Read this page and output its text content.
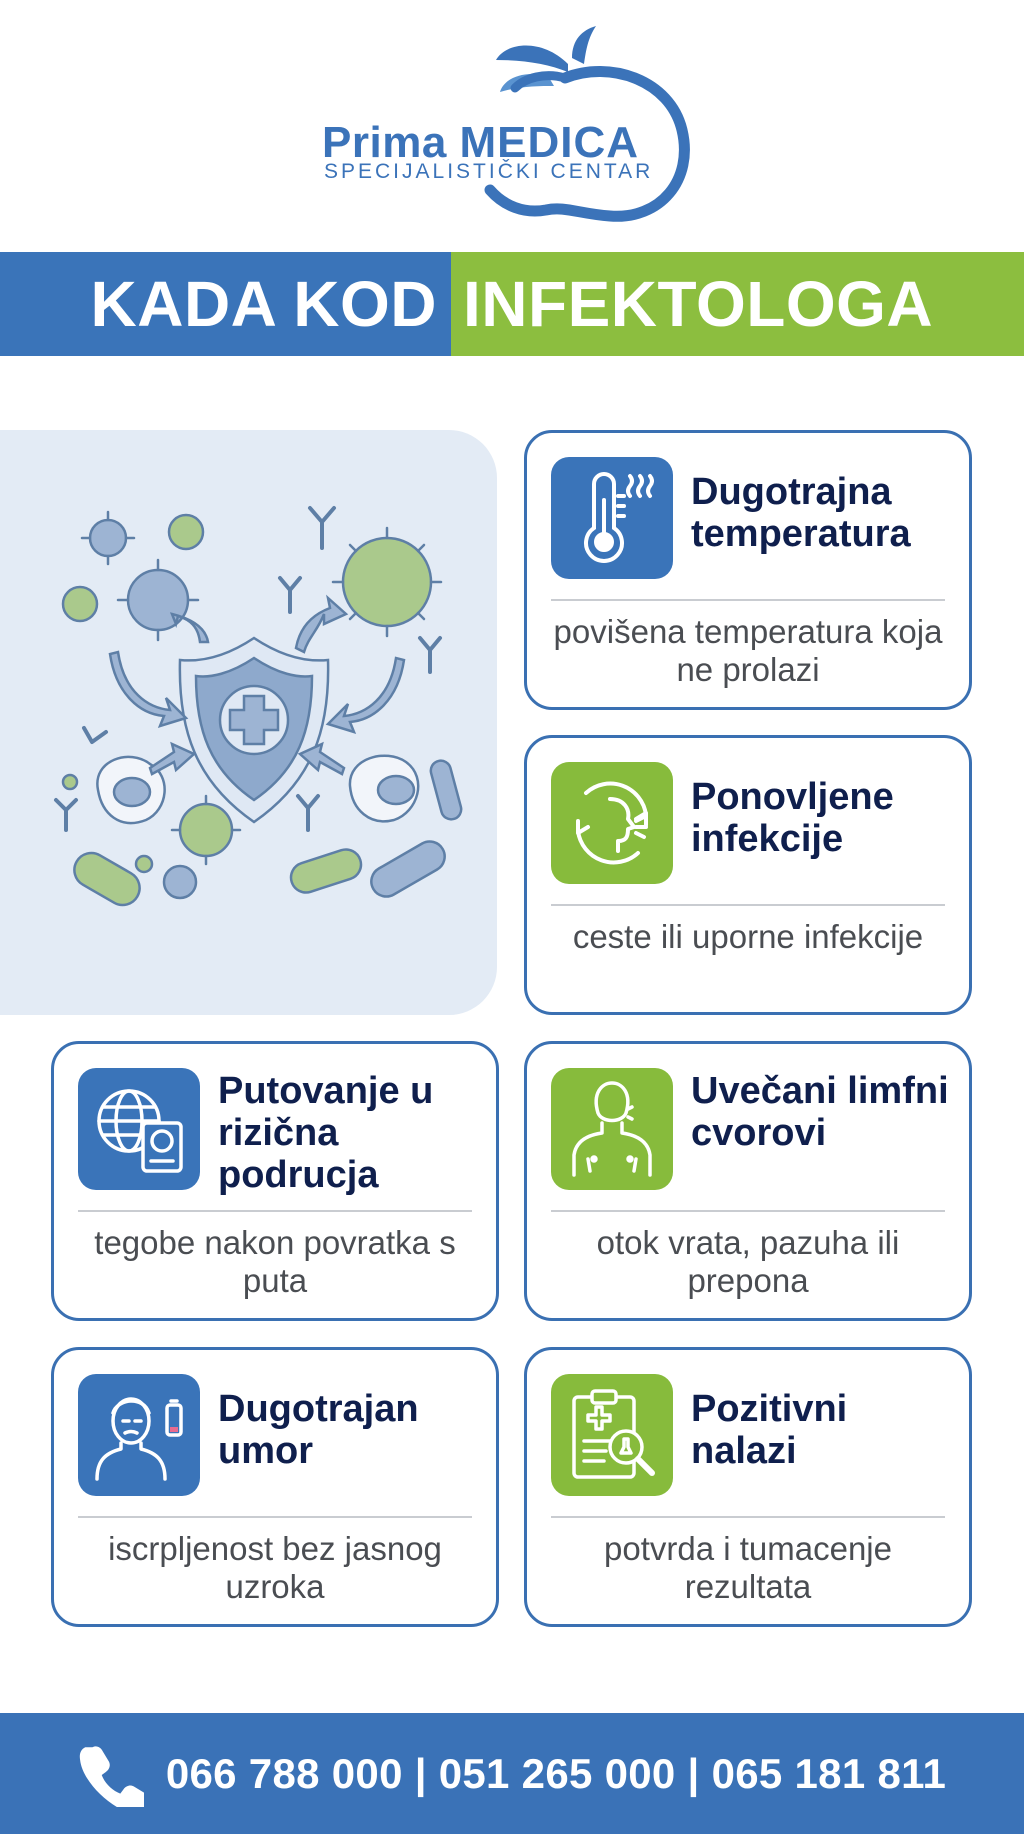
Prima MEDICA
SPECIJALISTIČKI CENTAR
KADA KOD INFEKTOLOGA
Dugotrajna temperatura
povišena temperatura koja ne prolazi
Ponovljene infekcije
ceste ili uporne infekcije
Putovanje u rizična podrucja
tegobe nakon povratka s puta
Uvečani limfni cvorovi
otok vrata, pazuha ili prepona
Dugotrajan umor
iscrpljenost bez jasnog uzroka
Pozitivni nalazi
potvrda i tumacenje rezultata
066 788 000 | 051 265 000 | 065 181 811
